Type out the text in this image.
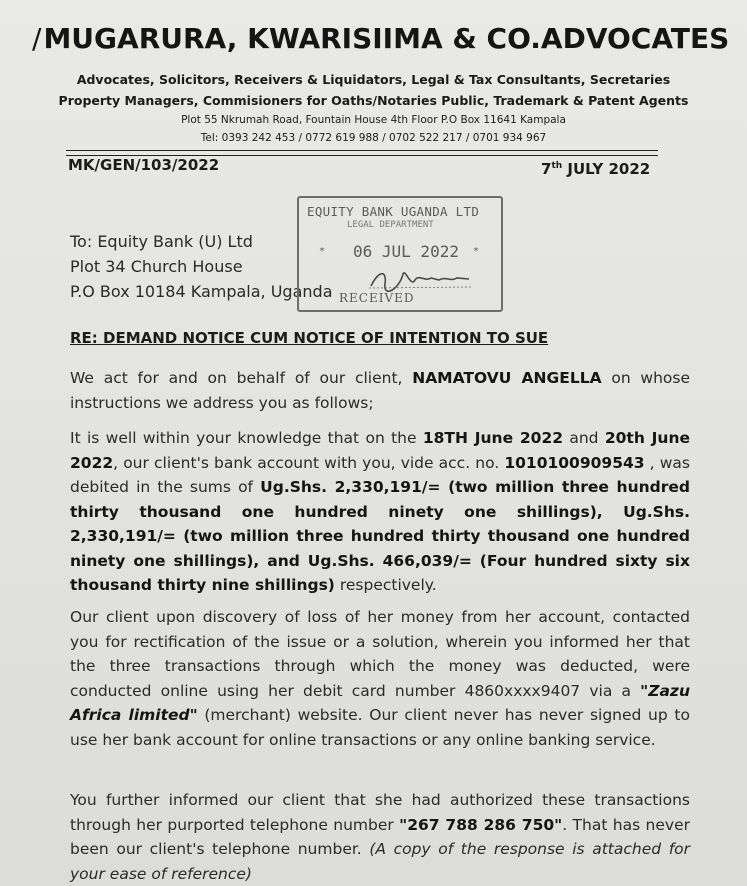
/MUGARURA, KWARISIIMA & CO.ADVOCATES
Advocates, Solicitors, Receivers & Liquidators, Legal & Tax Consultants, Secretaries
Property Managers, Commisioners for Oaths/Notaries Public, Trademark & Patent Agents
Plot 55 Nkrumah Road, Fountain House 4th Floor P.O Box 11641 Kampala
Tel: 0393 242 453 / 0772 619 988 / 0702 522 217 / 0701 934 967
MK/GEN/103/2022	7th JULY 2022
To: Equity Bank (U) Ltd
Plot 34 Church House
P.O Box 10184 Kampala, Uganda
EQUITY BANK UGANDA LTD
LEGAL DEPARTMENT
* 06 JUL 2022 *
RECEIVED
RE: DEMAND NOTICE CUM NOTICE OF INTENTION TO SUE
We act for and on behalf of our client, NAMATOVU ANGELLA on whose instructions we address you as follows;
It is well within your knowledge that on the 18TH June 2022 and 20th June 2022, our client's bank account with you, vide acc. no. 1010100909543 , was debited in the sums of Ug.Shs. 2,330,191/= (two million three hundred thirty thousand one hundred ninety one shillings), Ug.Shs. 2,330,191/= (two million three hundred thirty thousand one hundred ninety one shillings), and Ug.Shs. 466,039/= (Four hundred sixty six thousand thirty nine shillings) respectively.
Our client upon discovery of loss of her money from her account, contacted you for rectification of the issue or a solution, wherein you informed her that the three transactions through which the money was deducted, were conducted online using her debit card number 4860xxxx9407 via a "Zazu Africa limited" (merchant) website. Our client never has never signed up to use her bank account for online transactions or any online banking service.
You further informed our client that she had authorized these transactions through her purported telephone number "267 788 286 750". That has never been our client's telephone number. (A copy of the response is attached for your ease of reference)
